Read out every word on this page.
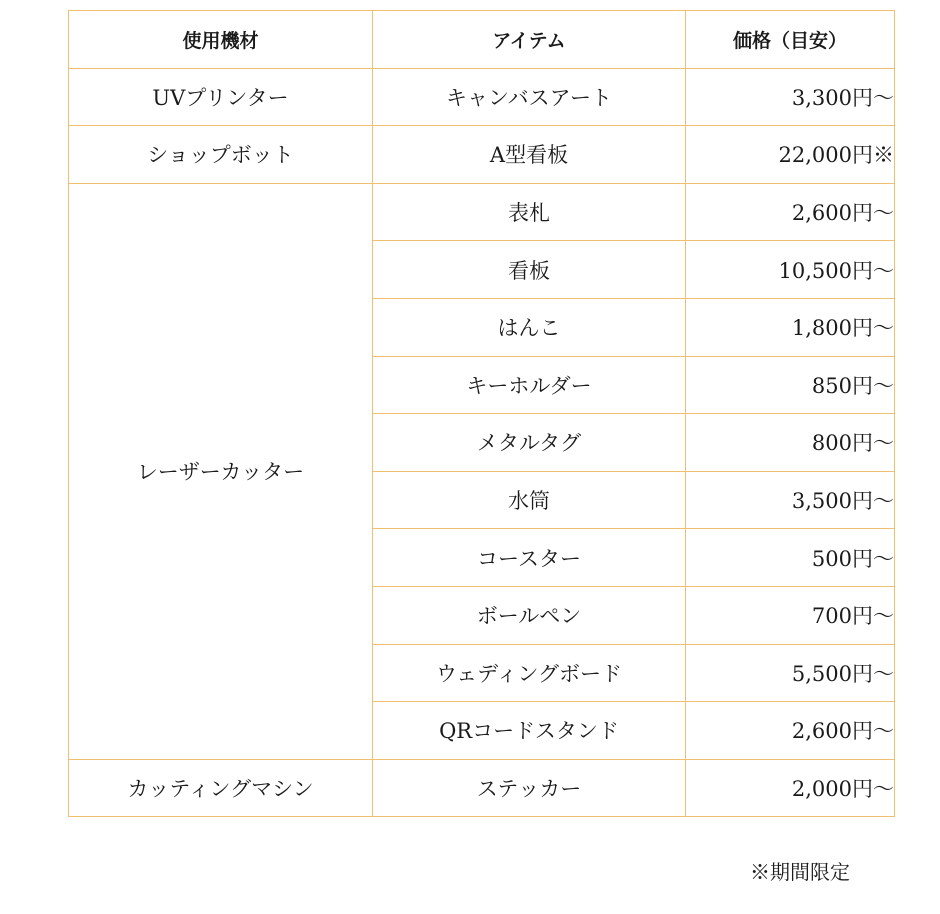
使用機材	アイテム	価格（目安）
UVプリンター	キャンバスアート	3,300円～
ショップボット	A型看板	22,000円※
レーザーカッター	表札	2,600円～
	看板	10,500円～
	はんこ	1,800円～
	キーホルダー	850円～
	メタルタグ	800円～
	水筒	3,500円～
	コースター	500円～
	ボールペン	700円～
	ウェディングボード	5,500円～
	QRコードスタンド	2,600円～
カッティングマシン	ステッカー	2,000円～
※期間限定
